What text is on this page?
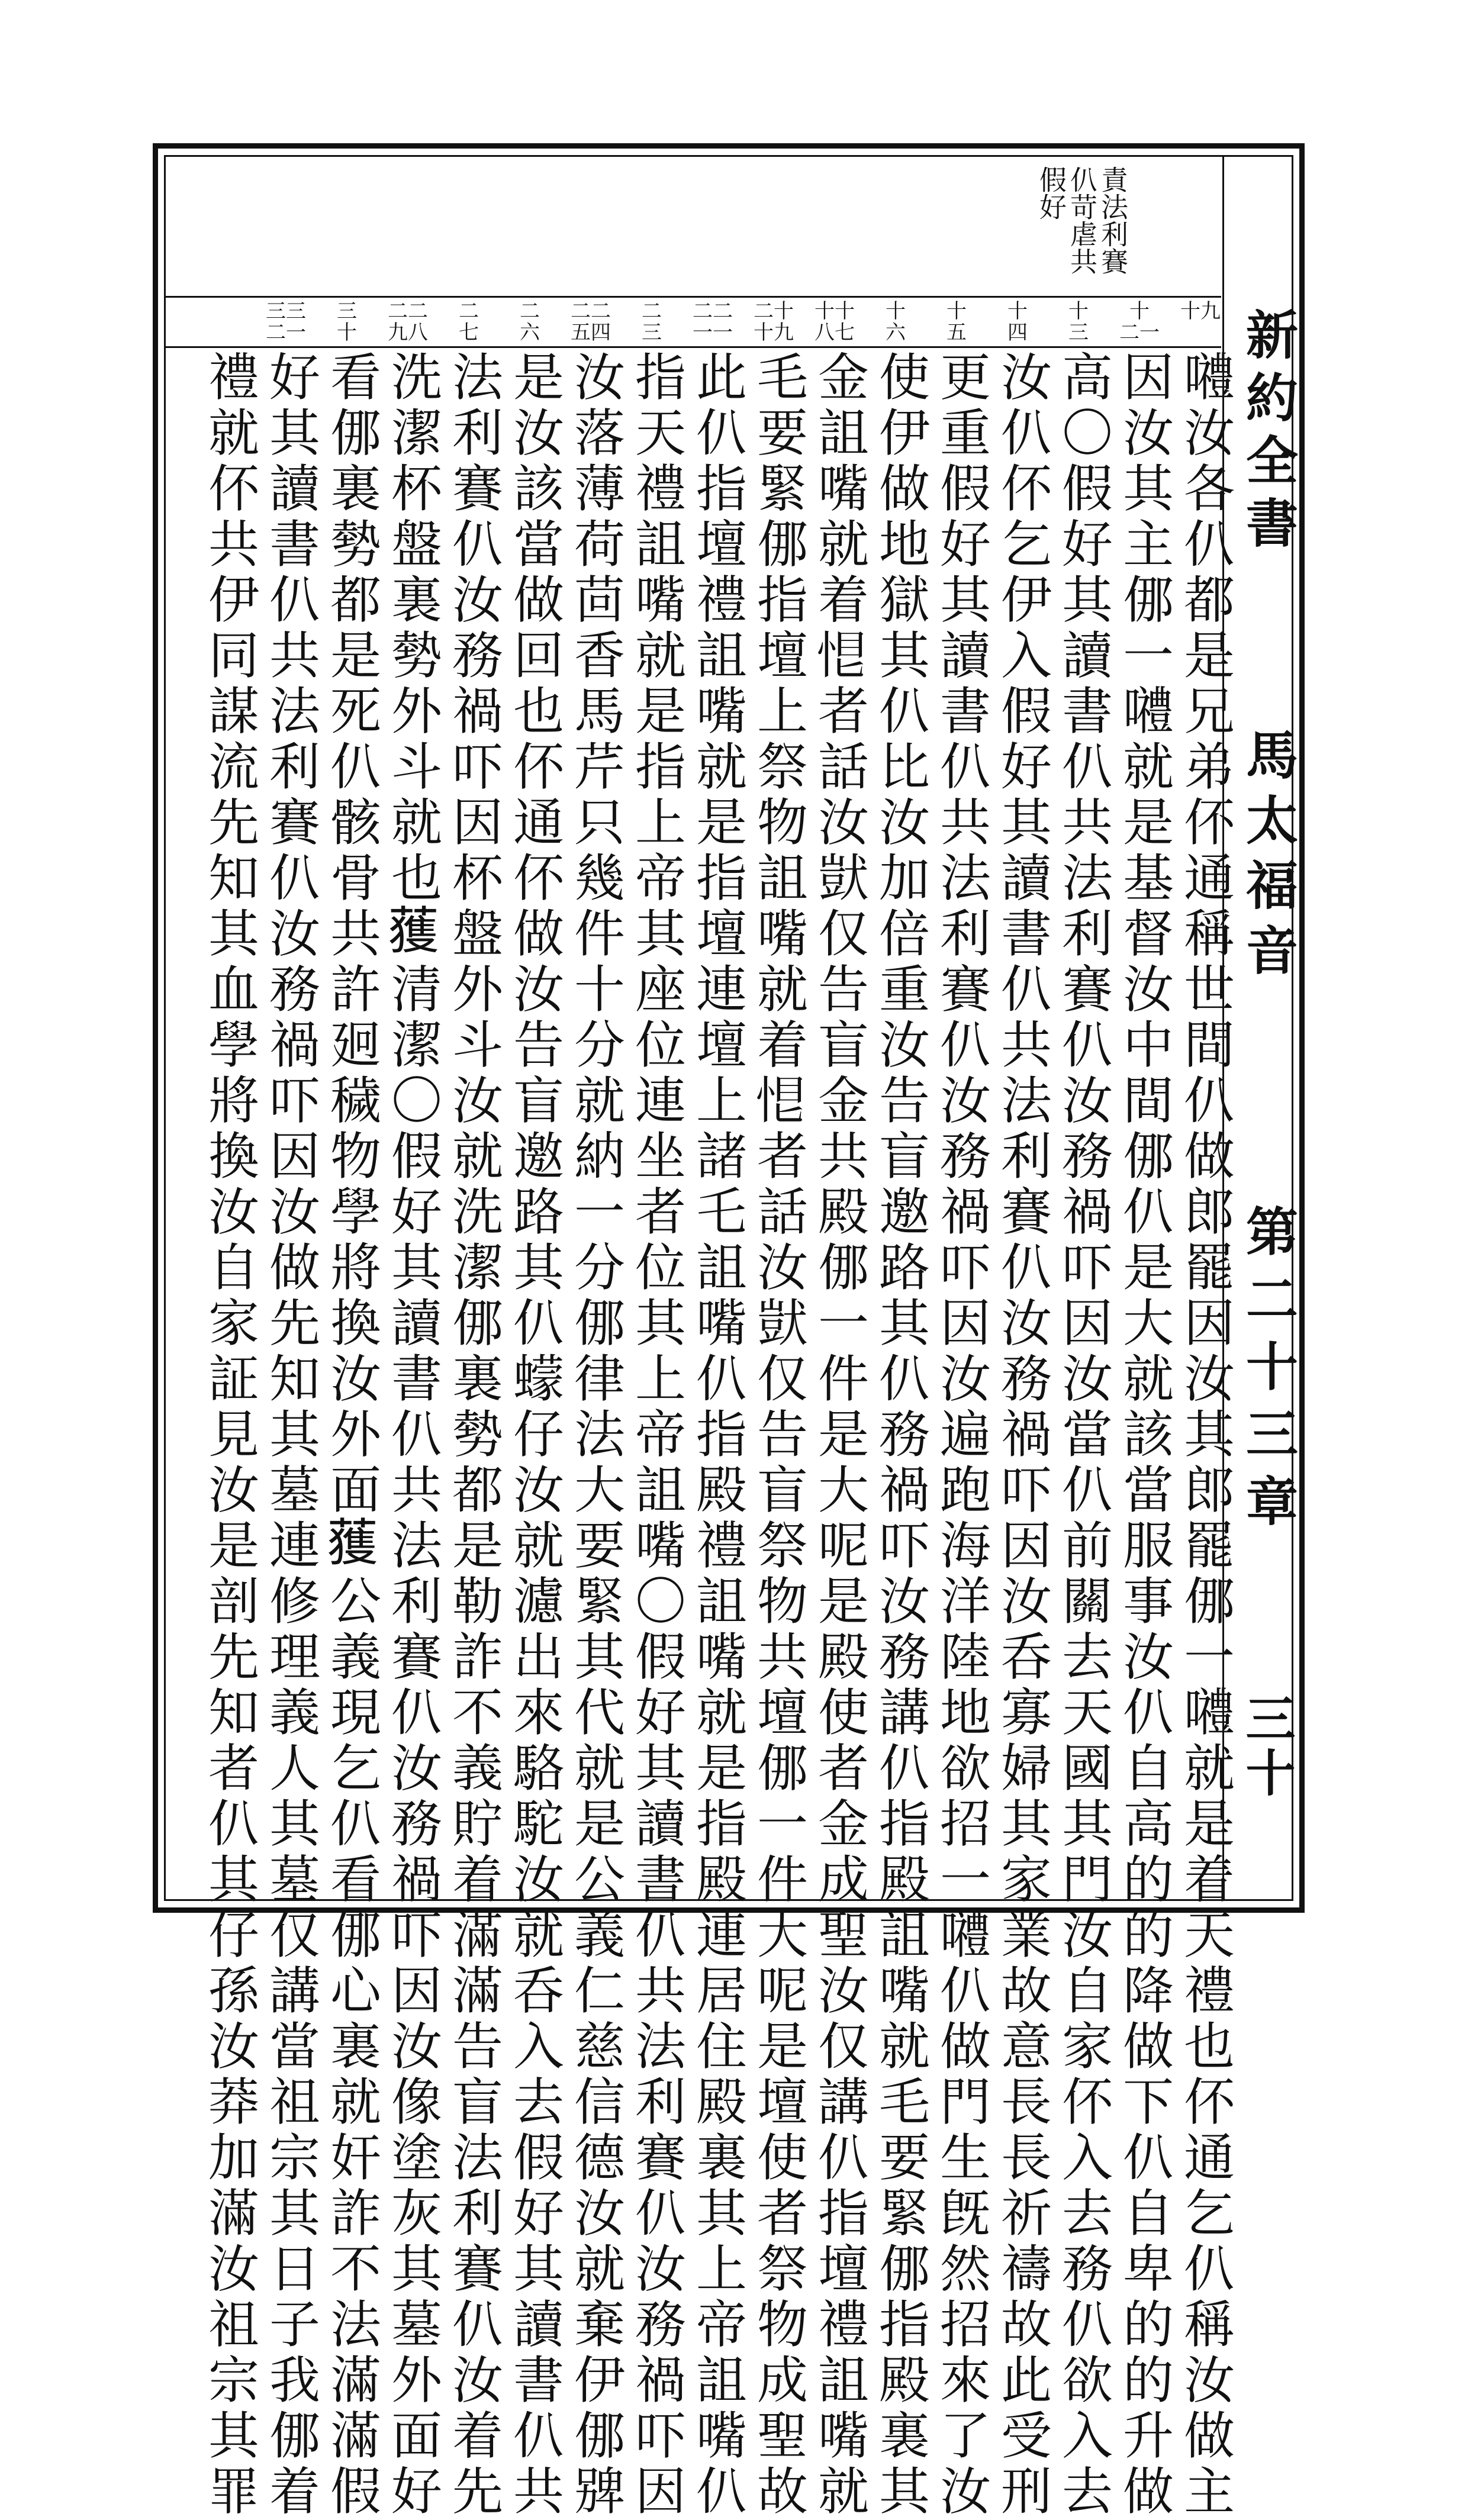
新約全書
馬太福音
第二十三章
三十
責法利賽
仈苛虐共
假好
十九
十
二一
十
三
十
四
十
五
十
六
十十
八七
二十
十九
二二
一一
二
三
二二
五四
二
六
二
七
二二
九八
三
十
三三
二一
𡅏汝各仈都是兄弟伓通稱世間仈做郎罷因汝其郎罷㑚一𡅏就是着天禮也伓通乞仈稱汝做主
因汝其主㑚一𡅏就是基督汝中間㑚仈是大就該當服事汝仈自高的的降做下仈自卑的的升做
高〇假好其讀書仈共法利賽仈汝務禍吓因汝當仈前關去天國其門汝自家伓入去務仈欲入去
汝仈伓乞伊入假好其讀書仈共法利賽仈汝務禍吓因汝呑寡婦其家業故意長長祈禱故此受刑
更重假好其讀書仈共法利賽仈汝務禍吓因汝遍跑海洋陸地欲招一𡅏仈做門生旣然招來了汝
使伊做地獄其仈比汝加倍重汝告盲邀路其仈務禍吓汝務講仈指殿詛嘴就毛要緊㑚指殿裏其
金詛嘴就着𢚉者話汝獃仅告盲金共殿㑚一件是大呢是殿使者金成聖汝仅講仈指壇禮詛嘴就
毛要緊㑚指壇上祭物詛嘴就着𢚉者話汝獃仅告盲祭物共壇㑚一件大呢是壇使者祭物成聖故
此仈指壇禮詛嘴就是指壇連壇上諸乇詛嘴仈指殿禮詛嘴就是指殿連居住殿裏其上帝詛嘴仈
指天禮詛嘴就是指上帝其座位連坐者位其上帝詛嘴〇假好其讀書仈共法利賽仈汝務禍吓因
汝落薄荷茴香馬芹只幾件十分就納一分㑚律法大要緊其代就是公義仁慈信德汝就棄伊㑚㗗
是汝該當做回也伓通伓做汝告盲邀路其仈蠓仔汝就濾出來駱駝汝就呑入去假好其讀書仈共
法利賽仈汝務禍吓因杯盤外斗汝就洗潔㑚裏勢都是勒詐不義貯着滿滿告盲法利賽仈汝着先
洗潔杯盤裏勢外斗就也𫉬清潔〇假好其讀書仈共法利賽仈汝務禍吓因汝像塗灰其墓外面好
看㑚裏勢都是死仈骸骨共許㢠穢物學將換汝外面𫉬公義現乞仈看㑚心裏就奸詐不法滿滿假
好其讀書仈共法利賽仈汝務禍吓因汝做先知其墓連修理義人其墓仅講當祖宗其日子我㑚着
禮就伓共伊同謀流先知其血學將換汝自家証見汝是剖先知者仈其仔孫汝莽加滿汝祖宗其罪
